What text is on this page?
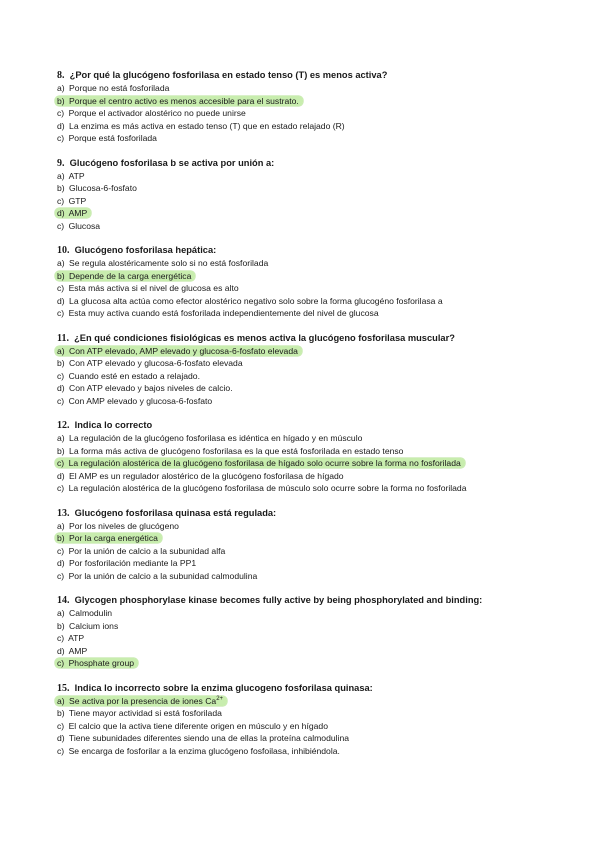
8. ¿Por qué la glucógeno fosforilasa en estado tenso (T) es menos activa?
a) Porque no está fosforilada
b) Porque el centro activo es menos accesible para el sustrato.
c) Porque el activador alostérico no puede unirse
d) La enzima es más activa en estado tenso (T) que en estado relajado (R)
c) Porque está fosforilada
9. Glucógeno fosforilasa b se activa por unión a:
a) ATP
b) Glucosa-6-fosfato
c) GTP
d) AMP
c) Glucosa
10. Glucógeno fosforilasa hepática:
a) Se regula alostéricamente solo si no está fosforilada
b) Depende de la carga energética
c) Esta más activa si el nivel de glucosa es alto
d) La glucosa alta actúa como efector alostérico negativo solo sobre la forma glucogéno fosforilasa a
c) Esta muy activa cuando está fosforilada independientemente del nivel de glucosa
11. ¿En qué condiciones fisiológicas es menos activa la glucógeno fosforilasa muscular?
a) Con ATP elevado, AMP elevado y glucosa-6-fosfato elevada
b) Con ATP elevado y glucosa-6-fosfato elevada
c) Cuando esté en estado a relajado.
d) Con ATP elevado y bajos niveles de calcio.
c) Con AMP elevado y glucosa-6-fosfato
12. Indica lo correcto
a) La regulación de la glucógeno fosforilasa es idéntica en hígado y en músculo
b) La forma más activa de glucógeno fosforilasa es la que está fosforilada en estado tenso
c) La regulación alostérica de la glucógeno fosforilasa de hígado solo ocurre sobre la forma no fosforilada
d) El AMP es un regulador alostérico de la glucógeno fosforilasa de hígado
c) La regulación alostérica de la glucógeno fosforilasa de músculo solo ocurre sobre la forma no fosforilada
13. Glucógeno fosforilasa quinasa está regulada:
a) Por los niveles de glucógeno
b) Por la carga energética
c) Por la unión de calcio a la subunidad alfa
d) Por fosforilación mediante la PP1
c) Por la unión de calcio a la subunidad calmodulina
14. Glycogen phosphorylase kinase becomes fully active by being phosphorylated and binding:
a) Calmodulin
b) Calcium ions
c) ATP
d) AMP
c) Phosphate group
15. Indica lo incorrecto sobre la enzima glucogeno fosforilasa quinasa:
a) Se activa por la presencia de iones $Ca^{2+}$
b) Tiene mayor actividad si está fosforilada
c) El calcio que la activa tiene diferente origen en músculo y en hígado
d) Tiene subunidades diferentes siendo una de ellas la proteína calmodulina
c) Se encarga de fosforilar a la enzima glucógeno fosfoilasa, inhibiéndola.
